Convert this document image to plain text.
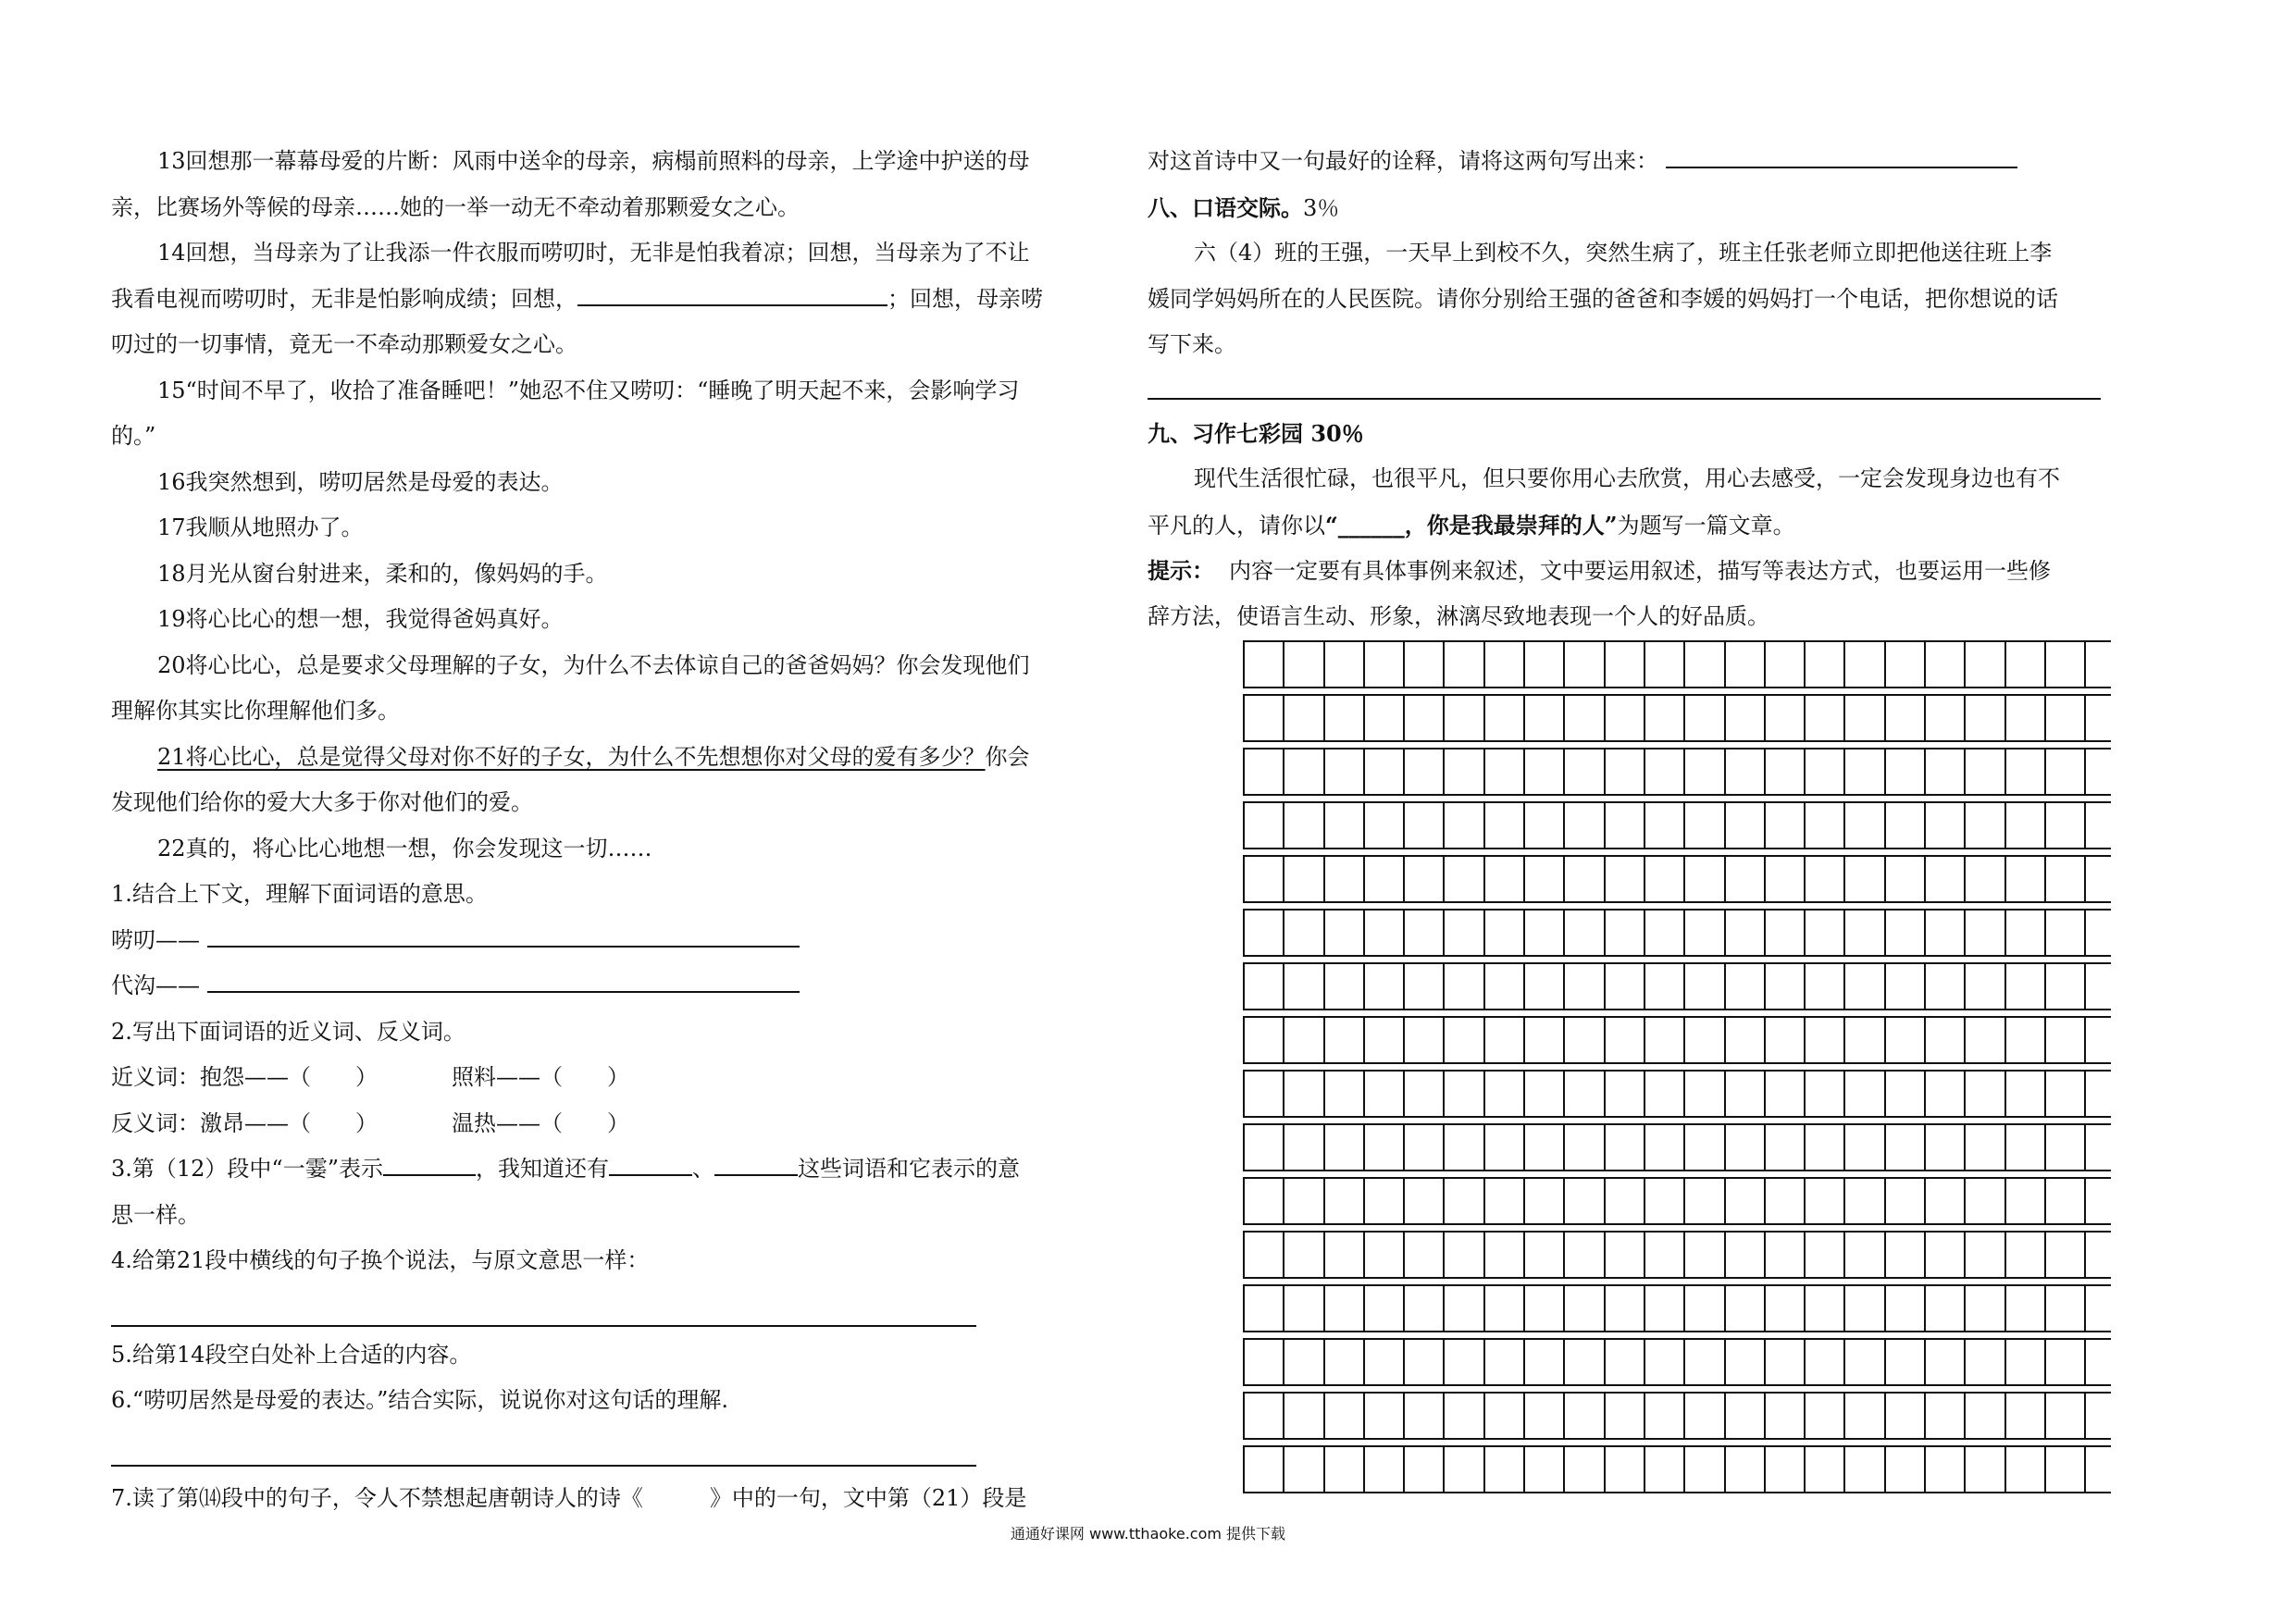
13回想那一幕幕母爱的片断：风雨中送伞的母亲，病榻前照料的母亲，上学途中护送的母
亲，比赛场外等候的母亲……她的一举一动无不牵动着那颗爱女之心。
14回想，当母亲为了让我添一件衣服而唠叨时，无非是怕我着凉；回想，当母亲为了不让
我看电视而唠叨时，无非是怕影响成绩；回想，	；回想，母亲唠
叨过的一切事情，竟无一不牵动那颗爱女之心。
15“时间不早了，收拾了准备睡吧！”她忍不住又唠叨：“睡晚了明天起不来，会影响学习
的。”
16我突然想到，唠叨居然是母爱的表达。
17我顺从地照办了。
18月光从窗台射进来，柔和的，像妈妈的手。
19将心比心的想一想，我觉得爸妈真好。
20将心比心，总是要求父母理解的子女，为什么不去体谅自己的爸爸妈妈？你会发现他们
理解你其实比你理解他们多。
21将心比心，总是觉得父母对你不好的子女，为什么不先想想你对父母的爱有多少？你会
发现他们给你的爱大大多于你对他们的爱。
22真的，将心比心地想一想，你会发现这一切……
1.结合上下文，理解下面词语的意思。
唠叨——
代沟——
2.写出下面词语的近义词、反义词。
近义词：抱怨——（　　）	照料——（　　）
反义词：激昂——（　　）	温热——（　　）
3.第（12）段中“一霎”表示	，我知道还有	、	这些词语和它表示的意
思一样。
4.给第21段中横线的句子换个说法，与原文意思一样：
5.给第14段空白处补上合适的内容。
6.“唠叨居然是母爱的表达。”结合实际，说说你对这句话的理解.
7.读了第⒁段中的句子，令人不禁想起唐朝诗人的诗《　　　》中的一句，文中第（21）段是
对这首诗中又一句最好的诠释，请将这两句写出来：
八、口语交际。3％
六（4）班的王强，一天早上到校不久，突然生病了，班主任张老师立即把他送往班上李
媛同学妈妈所在的人民医院。请你分别给王强的爸爸和李媛的妈妈打一个电话，把你想说的话
写下来。
九、习作七彩园 30％
现代生活很忙碌，也很平凡，但只要你用心去欣赏，用心去感受，一定会发现身边也有不
平凡的人，请你以“______，你是我最崇拜的人”为题写一篇文章。
提示： 内容一定要有具体事例来叙述，文中要运用叙述，描写等表达方式，也要运用一些修
辞方法，使语言生动、形象，淋漓尽致地表现一个人的好品质。
通通好课网 www.tthaoke.com 提供下载
